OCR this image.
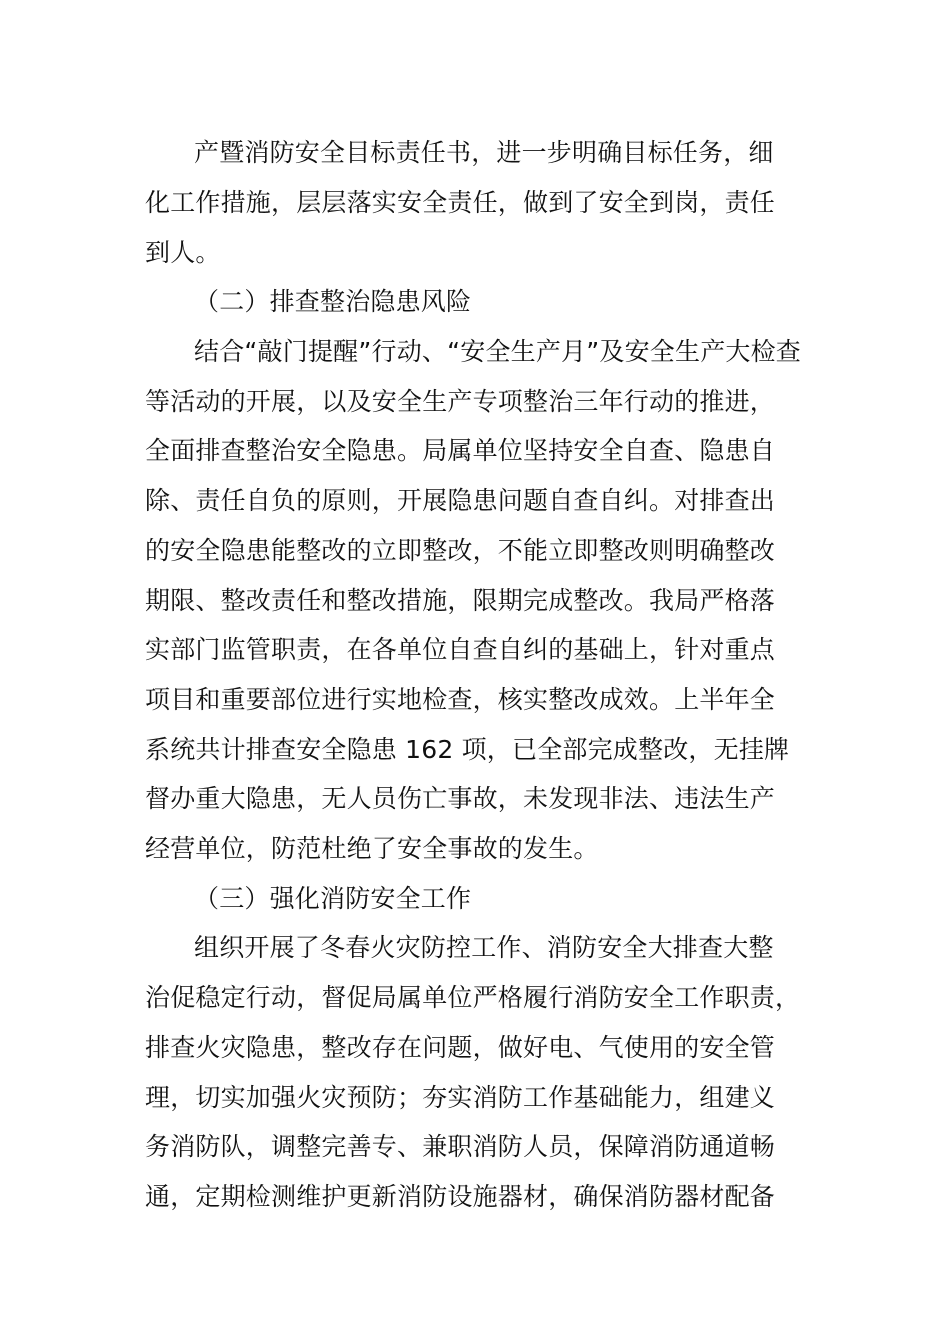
产暨消防安全目标责任书，进一步明确目标任务，细
化工作措施，层层落实安全责任，做到了安全到岗，责任
到人。
（二）排查整治隐患风险
结合“敲门提醒”行动、“安全生产月”及安全生产大检查
等活动的开展，以及安全生产专项整治三年行动的推进，
全面排查整治安全隐患。局属单位坚持安全自查、隐患自
除、责任自负的原则，开展隐患问题自查自纠。对排查出
的安全隐患能整改的立即整改，不能立即整改则明确整改
期限、整改责任和整改措施，限期完成整改。我局严格落
实部门监管职责，在各单位自查自纠的基础上，针对重点
项目和重要部位进行实地检查，核实整改成效。上半年全
系统共计排查安全隐患 162 项，已全部完成整改，无挂牌
督办重大隐患，无人员伤亡事故，未发现非法、违法生产
经营单位，防范杜绝了安全事故的发生。
（三）强化消防安全工作
组织开展了冬春火灾防控工作、消防安全大排查大整
治促稳定行动，督促局属单位严格履行消防安全工作职责，
排查火灾隐患，整改存在问题，做好电、气使用的安全管
理，切实加强火灾预防；夯实消防工作基础能力，组建义
务消防队，调整完善专、兼职消防人员，保障消防通道畅
通，定期检测维护更新消防设施器材，确保消防器材配备
